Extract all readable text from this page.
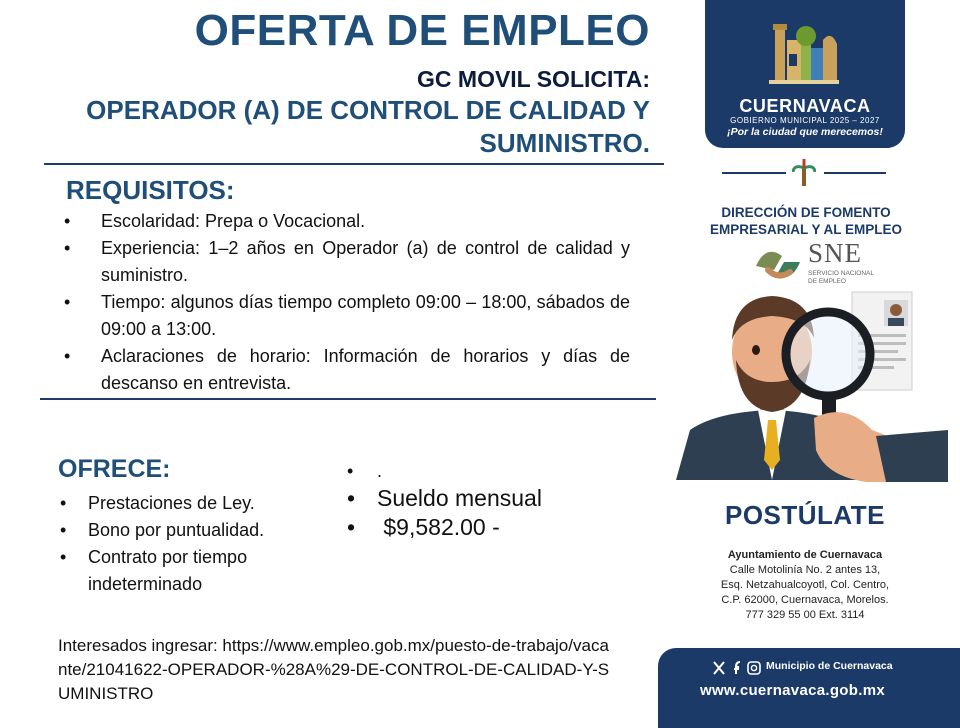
OFERTA DE EMPLEO
GC MOVIL SOLICITA:
OPERADOR (A) DE CONTROL DE CALIDAD Y
SUMINISTRO.
REQUISITOS:
• Escolaridad: Prepa o Vocacional.
• Experiencia: 1–2 años en Operador (a) de control de calidad y suministro.
• Tiempo: algunos días tiempo completo 09:00 – 18:00, sábados de 09:00 a 13:00.
• Aclaraciones de horario: Información de horarios y días de descanso en entrevista.
OFRECE:
• Prestaciones de Ley.
• Bono por puntualidad.
• Contrato por tiempo indeterminado
• .
• Sueldo mensual
•  $9,582.00 -
Interesados ingresar: https://www.empleo.gob.mx/puesto-de-trabajo/vacante/21041622-OPERADOR-%28A%29-DE-CONTROL-DE-CALIDAD-Y-SUMINISTRO
CUERNAVACA
GOBIERNO MUNICIPAL 2025 – 2027
¡Por la ciudad que merecemos!
DIRECCIÓN DE FOMENTO
EMPRESARIAL Y AL EMPLEO
SNE
SERVICIO NACIONAL
DE EMPLEO
POSTÚLATE
Ayuntamiento de Cuernavaca
Calle Motolinía No. 2 antes 13,
Esq. Netzahualcoyotl, Col. Centro,
C.P. 62000, Cuernavaca, Morelos.
777 329 55 00 Ext. 3114
Municipio de Cuernavaca
www.cuernavaca.gob.mx
